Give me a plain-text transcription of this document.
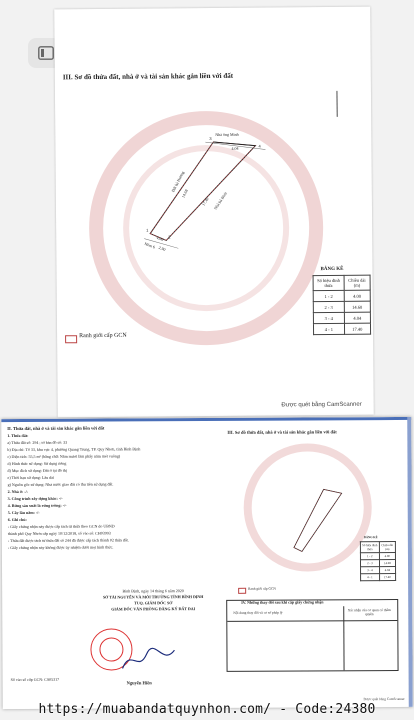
III. Sơ đồ thửa đất, nhà ở và tài sản khác gắn liền với đất
Nhà ông Minh
4.04
Đất bà Hương
14.68
17.40 Nhà bà Bình
4.00
Hẻm 6 2.90
1
2
3
4
BẢNG KÊ
Số hiệu đỉnh thửa	Chiều dài (m)
1 - 2	4.00
2 - 3	14.68
3 - 4	4.04
4 - 1	17.40
Ranh giới cấp GCN
Được quét bằng CamScanner
II. Thửa đất, nhà ở và tài sản khác gắn liền với đất
1. Thửa đất:
a) Thửa đất số: 294 ; tờ bản đồ số: 33
b) Địa chỉ: Tổ 33, khu vực 4, phường Quang Trung, TP. Quy Nhơn, tỉnh Bình Định
c) Diện tích: 55,5 m² (bằng chữ: Năm mươi lăm phẩy năm mét vuông)
d) Hình thức sử dụng: Sử dụng riêng
đ) Mục đích sử dụng: Đất ở tại đô thị
e) Thời hạn sử dụng: Lâu dài
g) Nguồn gốc sử dụng: Nhà nước giao đất có thu tiền sử dụng đất.
2. Nhà ở: -/-
3. Công trình xây dựng khác: -/-
4. Rừng sản xuất là rừng trồng: -/-
5. Cây lâu năm: -/-
6. Ghi chú:
- Giấy chứng nhận này được cấp tách từ thửa theo GCN do UBND
thành phố Quy Nhơn cấp ngày 10/12/2018, số vào sổ: CH03993
- Thửa đất được tách từ thửa đất số 244 đã được cấp tách thành 02 thửa đất.
- Giấy chứng nhận này không được ủy nhiệm dưới mọi hình thức.
Bình Định, ngày 14 tháng 6 năm 2020
SỞ TÀI NGUYÊN VÀ MÔI TRƯỜNG TỈNH BÌNH ĐỊNH
TUQ. GIÁM ĐỐC SỞ
GIÁM ĐỐC VĂN PHÒNG ĐĂNG KÝ ĐẤT ĐAI
Nguyễn Hiền
Số vào sổ cấp GCN: CS05317
III. Sơ đồ thửa đất, nhà ở và tài sản khác gắn liền với đất
BẢNG KÊ
Số hiệu đỉnh thửa	Chiều dài (m)
1 - 2	4.00
2 - 3	14.68
3 - 4	4.04
4 - 1	17.40
Ranh giới cấp GCN
IV. Những thay đổi sau khi cấp giấy chứng nhận
Nội dung thay đổi và cơ sở pháp lý
Xác nhận của cơ quan có thẩm quyền
Được quét bằng CamScanner
https://muabandatquynhon.com/ - Code:24380
